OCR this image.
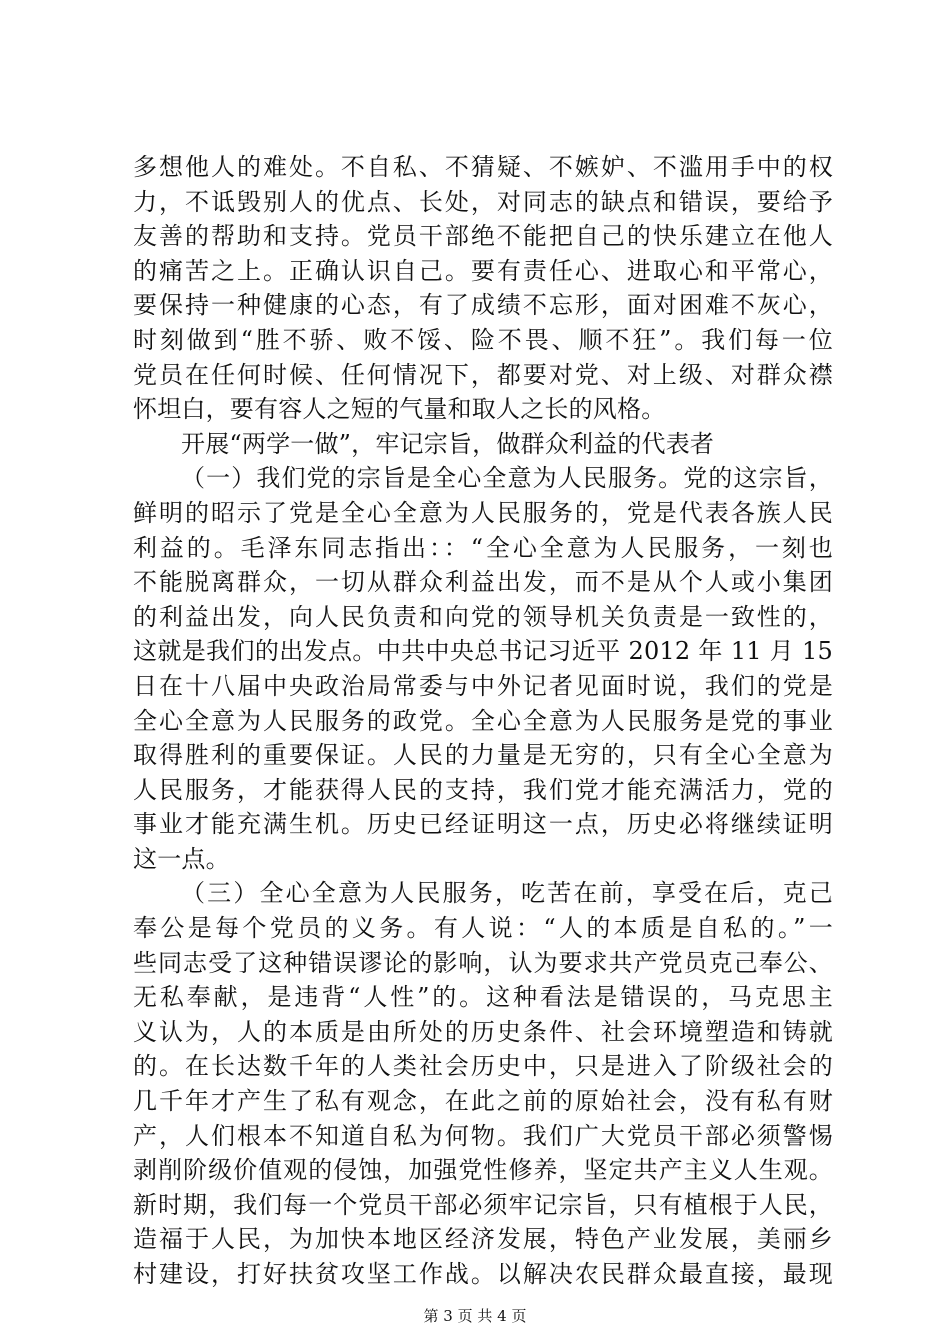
多想他人的难处。不自私、不猜疑、不嫉妒、不滥用手中的权
力，不诋毁别人的优点、长处，对同志的缺点和错误，要给予
友善的帮助和支持。党员干部绝不能把自己的快乐建立在他人
的痛苦之上。正确认识自己。要有责任心、进取心和平常心，
要保持一种健康的心态，有了成绩不忘形，面对困难不灰心，
时刻做到“胜不骄、败不馁、险不畏、顺不狂”。我们每一位
党员在任何时候、任何情况下，都要对党、对上级、对群众襟
怀坦白，要有容人之短的气量和取人之长的风格。
开展“两学一做”，牢记宗旨，做群众利益的代表者
（一）我们党的宗旨是全心全意为人民服务。党的这宗旨，
鲜明的昭示了党是全心全意为人民服务的，党是代表各族人民
利益的。毛泽东同志指出：：“全心全意为人民服务，一刻也
不能脱离群众，一切从群众利益出发，而不是从个人或小集团
的利益出发，向人民负责和向党的领导机关负责是一致性的，
这就是我们的出发点。中共中央总书记习近平 2012 年 11 月 15
日在十八届中央政治局常委与中外记者见面时说，我们的党是
全心全意为人民服务的政党。全心全意为人民服务是党的事业
取得胜利的重要保证。人民的力量是无穷的，只有全心全意为
人民服务，才能获得人民的支持，我们党才能充满活力，党的
事业才能充满生机。历史已经证明这一点，历史必将继续证明
这一点。
（三）全心全意为人民服务，吃苦在前，享受在后，克己
奉公是每个党员的义务。有人说：“人的本质是自私的。”一
些同志受了这种错误谬论的影响，认为要求共产党员克己奉公、
无私奉献，是违背“人性”的。这种看法是错误的，马克思主
义认为，人的本质是由所处的历史条件、社会环境塑造和铸就
的。在长达数千年的人类社会历史中，只是进入了阶级社会的
几千年才产生了私有观念，在此之前的原始社会，没有私有财
产，人们根本不知道自私为何物。我们广大党员干部必须警惕
剥削阶级价值观的侵蚀，加强党性修养，坚定共产主义人生观。
新时期，我们每一个党员干部必须牢记宗旨，只有植根于人民，
造福于人民，为加快本地区经济发展，特色产业发展，美丽乡
村建设，打好扶贫攻坚工作战。以解决农民群众最直接，最现
第 3 页 共 4 页
